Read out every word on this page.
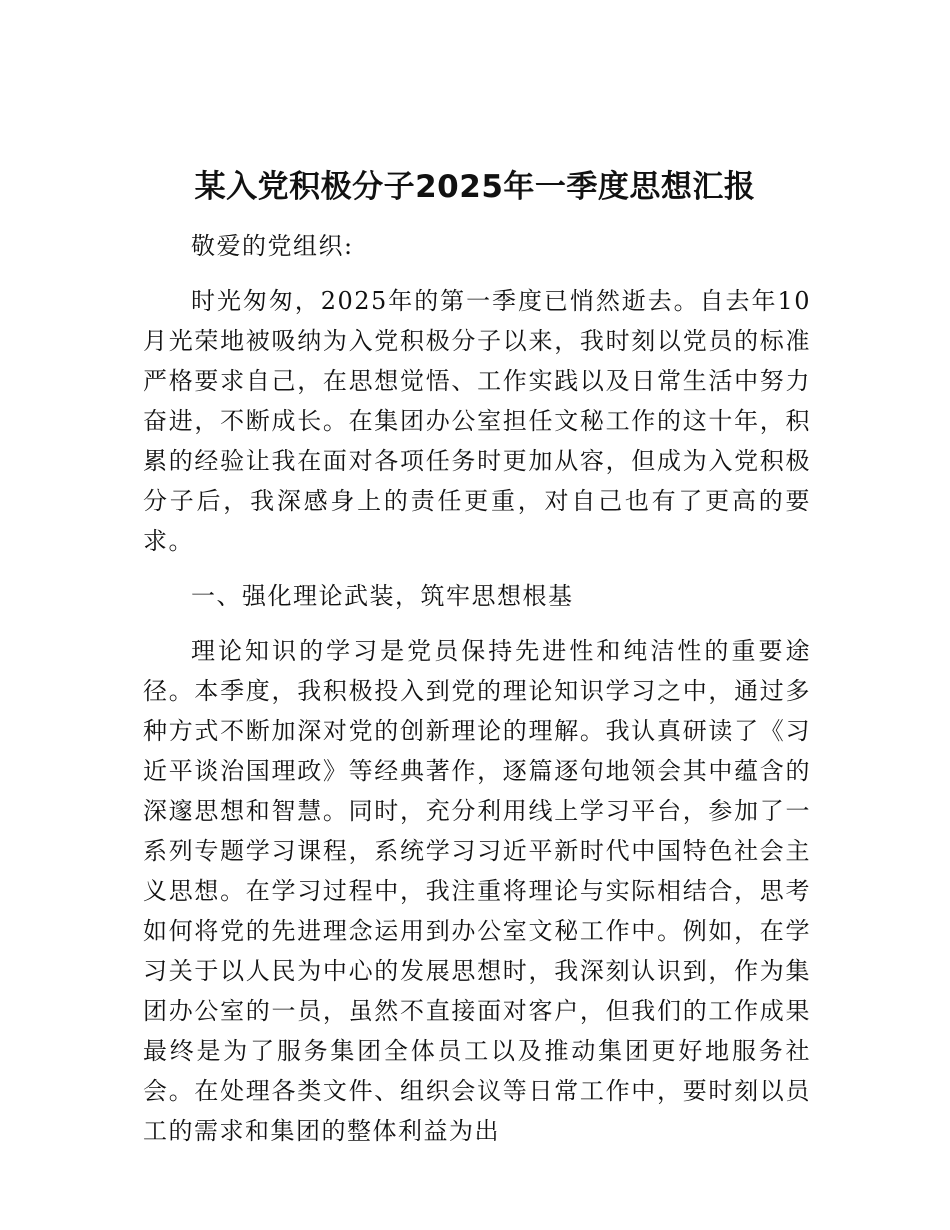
某入党积极分子2025年一季度思想汇报

敬爱的党组织:

时光匆匆，2025年的第一季度已悄然逝去。自去年10月光荣地被吸纳为入党积极分子以来，我时刻以党员的标准严格要求自己，在思想觉悟、工作实践以及日常生活中努力奋进，不断成长。在集团办公室担任文秘工作的这十年，积累的经验让我在面对各项任务时更加从容，但成为入党积极分子后，我深感身上的责任更重，对自己也有了更高的要求。

一、强化理论武装，筑牢思想根基

理论知识的学习是党员保持先进性和纯洁性的重要途径。本季度，我积极投入到党的理论知识学习之中，通过多种方式不断加深对党的创新理论的理解。我认真研读了《习近平谈治国理政》等经典著作，逐篇逐句地领会其中蕴含的深邃思想和智慧。同时，充分利用线上学习平台，参加了一系列专题学习课程，系统学习习近平新时代中国特色社会主义思想。在学习过程中，我注重将理论与实际相结合，思考如何将党的先进理念运用到办公室文秘工作中。例如，在学习关于以人民为中心的发展思想时，我深刻认识到，作为集团办公室的一员，虽然不直接面对客户，但我们的工作成果最终是为了服务集团全体员工以及推动集团更好地服务社会。在处理各类文件、组织会议等日常工作中，要时刻以员工的需求和集团的整体利益为出
